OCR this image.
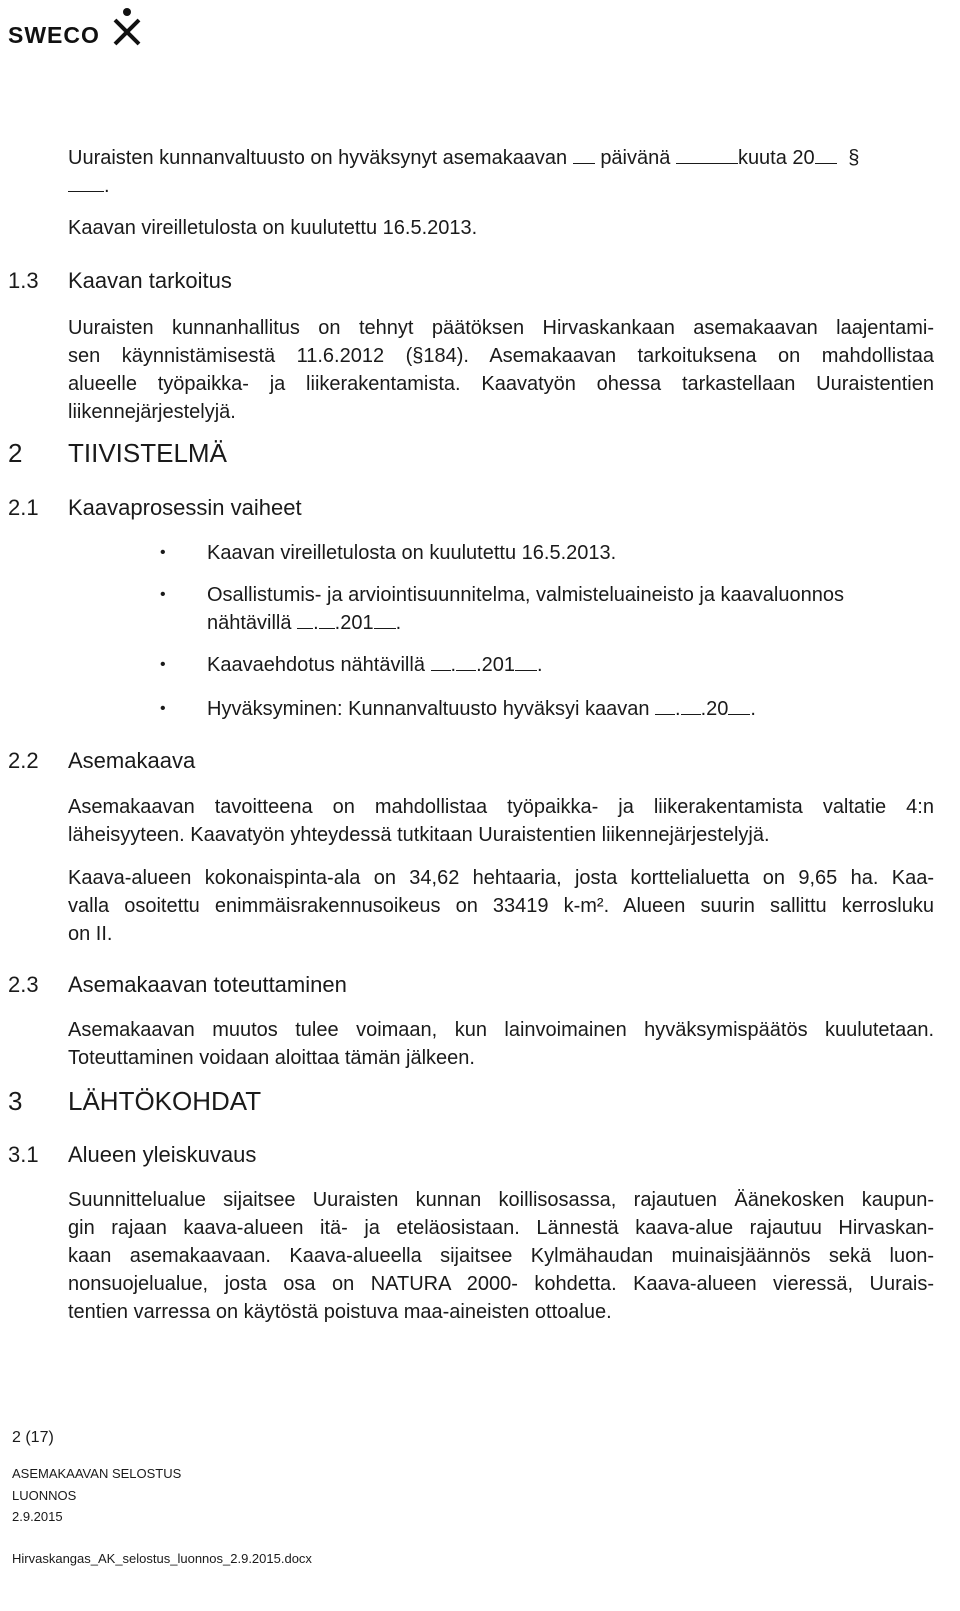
SWECO
Uuraisten kunnanvaltuusto on hyväksynyt asemakaavan päivänä	kuuta 20 §
.
Kaavan vireilletulosta on kuulutettu 16.5.2013.
1.3 Kaavan tarkoitus
Uuraisten kunnanhallitus on tehnyt päätöksen Hirvaskankaan asemakaavan laajentami-
sen käynnistämisestä 11.6.2012 (§184). Asemakaavan tarkoituksena on mahdollistaa
alueelle työpaikka- ja liikerakentamista. Kaavatyön ohessa tarkastellaan Uuraistentien
liikennejärjestelyjä.
2 TIIVISTELMÄ
2.1 Kaavaprosessin vaiheet
• Kaavan vireilletulosta on kuulutettu 16.5.2013.
• Osallistumis- ja arviointisuunnitelma, valmisteluaineisto ja kaavaluonnos
nähtävillä . .201 .
• Kaavaehdotus nähtävillä . .201 .
• Hyväksyminen: Kunnanvaltuusto hyväksyi kaavan . .20 .
2.2 Asemakaava
Asemakaavan tavoitteena on mahdollistaa työpaikka- ja liikerakentamista valtatie 4:n
läheisyyteen. Kaavatyön yhteydessä tutkitaan Uuraistentien liikennejärjestelyjä.
Kaava-alueen kokonaispinta-ala on 34,62 hehtaaria, josta korttelialuetta on 9,65 ha. Kaa-
valla osoitettu enimmäisrakennusoikeus on 33419 k-m². Alueen suurin sallittu kerrosluku
on II.
2.3 Asemakaavan toteuttaminen
Asemakaavan muutos tulee voimaan, kun lainvoimainen hyväksymispäätös kuulutetaan.
Toteuttaminen voidaan aloittaa tämän jälkeen.
3 LÄHTÖKOHDAT
3.1 Alueen yleiskuvaus
Suunnittelualue sijaitsee Uuraisten kunnan koillisosassa, rajautuen Äänekosken kaupun-
gin rajaan kaava-alueen itä- ja eteläosistaan. Lännestä kaava-alue rajautuu Hirvaskan-
kaan asemakaavaan. Kaava-alueella sijaitsee Kylmähaudan muinaisjäännös sekä luon-
nonsuojelualue, josta osa on NATURA 2000- kohdetta. Kaava-alueen vieressä, Uurais-
tentien varressa on käytöstä poistuva maa-aineisten ottoalue.
2 (17)
ASEMAKAAVAN SELOSTUS
LUONNOS
2.9.2015
Hirvaskangas_AK_selostus_luonnos_2.9.2015.docx
